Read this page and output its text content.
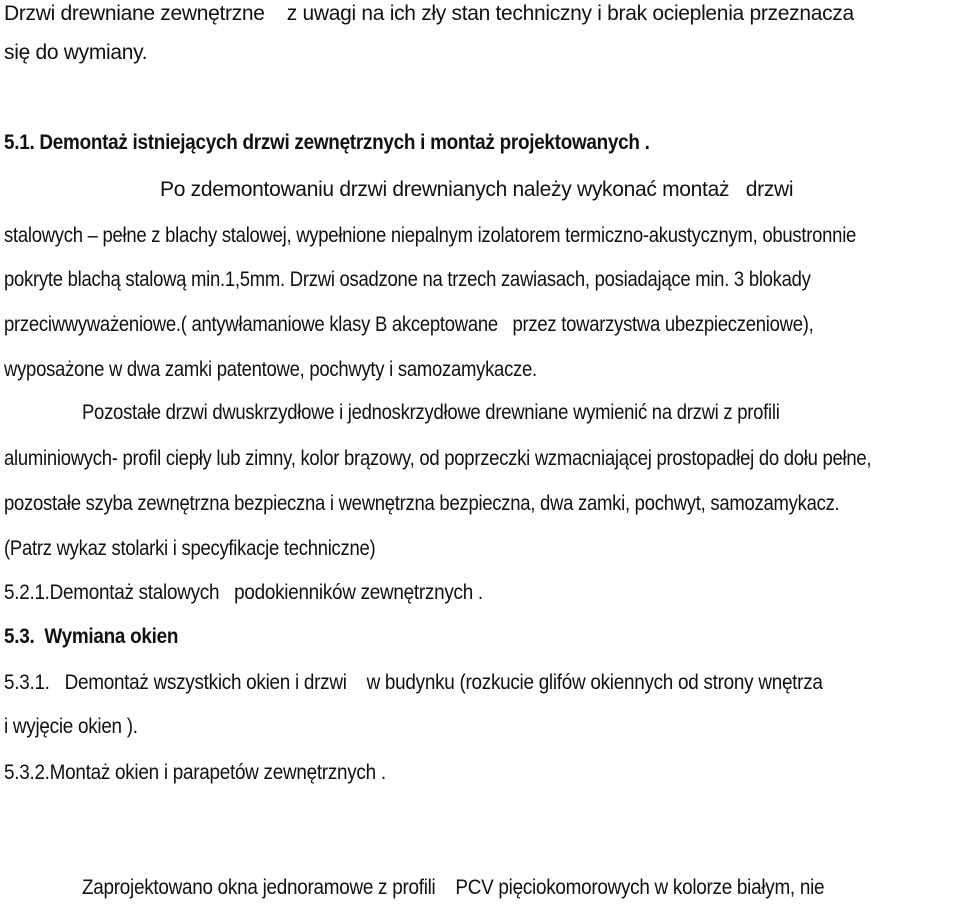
Drzwi drewniane zewnętrzne    z uwagi na ich zły stan techniczny i brak ocieplenia przeznacza
się do wymiany.
5.1. Demontaż istniejących drzwi zewnętrznych i montaż projektowanych .
Po zdemontowaniu drzwi drewnianych należy wykonać montaż   drzwi
stalowych – pełne z blachy stalowej, wypełnione niepalnym izolatorem termiczno-akustycznym, obustronnie
pokryte blachą stalową min.1,5mm. Drzwi osadzone na trzech zawiasach, posiadające min. 3 blokady
przeciwwyważeniowe.( antywłamaniowe klasy B akceptowane   przez towarzystwa ubezpieczeniowe),
wyposażone w dwa zamki patentowe, pochwyty i samozamykacze.
Pozostałe drzwi dwuskrzydłowe i jednoskrzydłowe drewniane wymienić na drzwi z profili
aluminiowych- profil ciepły lub zimny, kolor brązowy, od poprzeczki wzmacniającej prostopadłej do dołu pełne,
pozostałe szyba zewnętrzna bezpieczna i wewnętrzna bezpieczna, dwa zamki, pochwyt, samozamykacz.
(Patrz wykaz stolarki i specyfikacje techniczne)
5.2.1.Demontaż stalowych   podokienników zewnętrznych .
5.3.  Wymiana okien
5.3.1.   Demontaż wszystkich okien i drzwi    w budynku (rozkucie glifów okiennych od strony wnętrza
i wyjęcie okien ).
5.3.2.Montaż okien i parapetów zewnętrznych .
Zaprojektowano okna jednoramowe z profili    PCV pięciokomorowych w kolorze białym, nie
